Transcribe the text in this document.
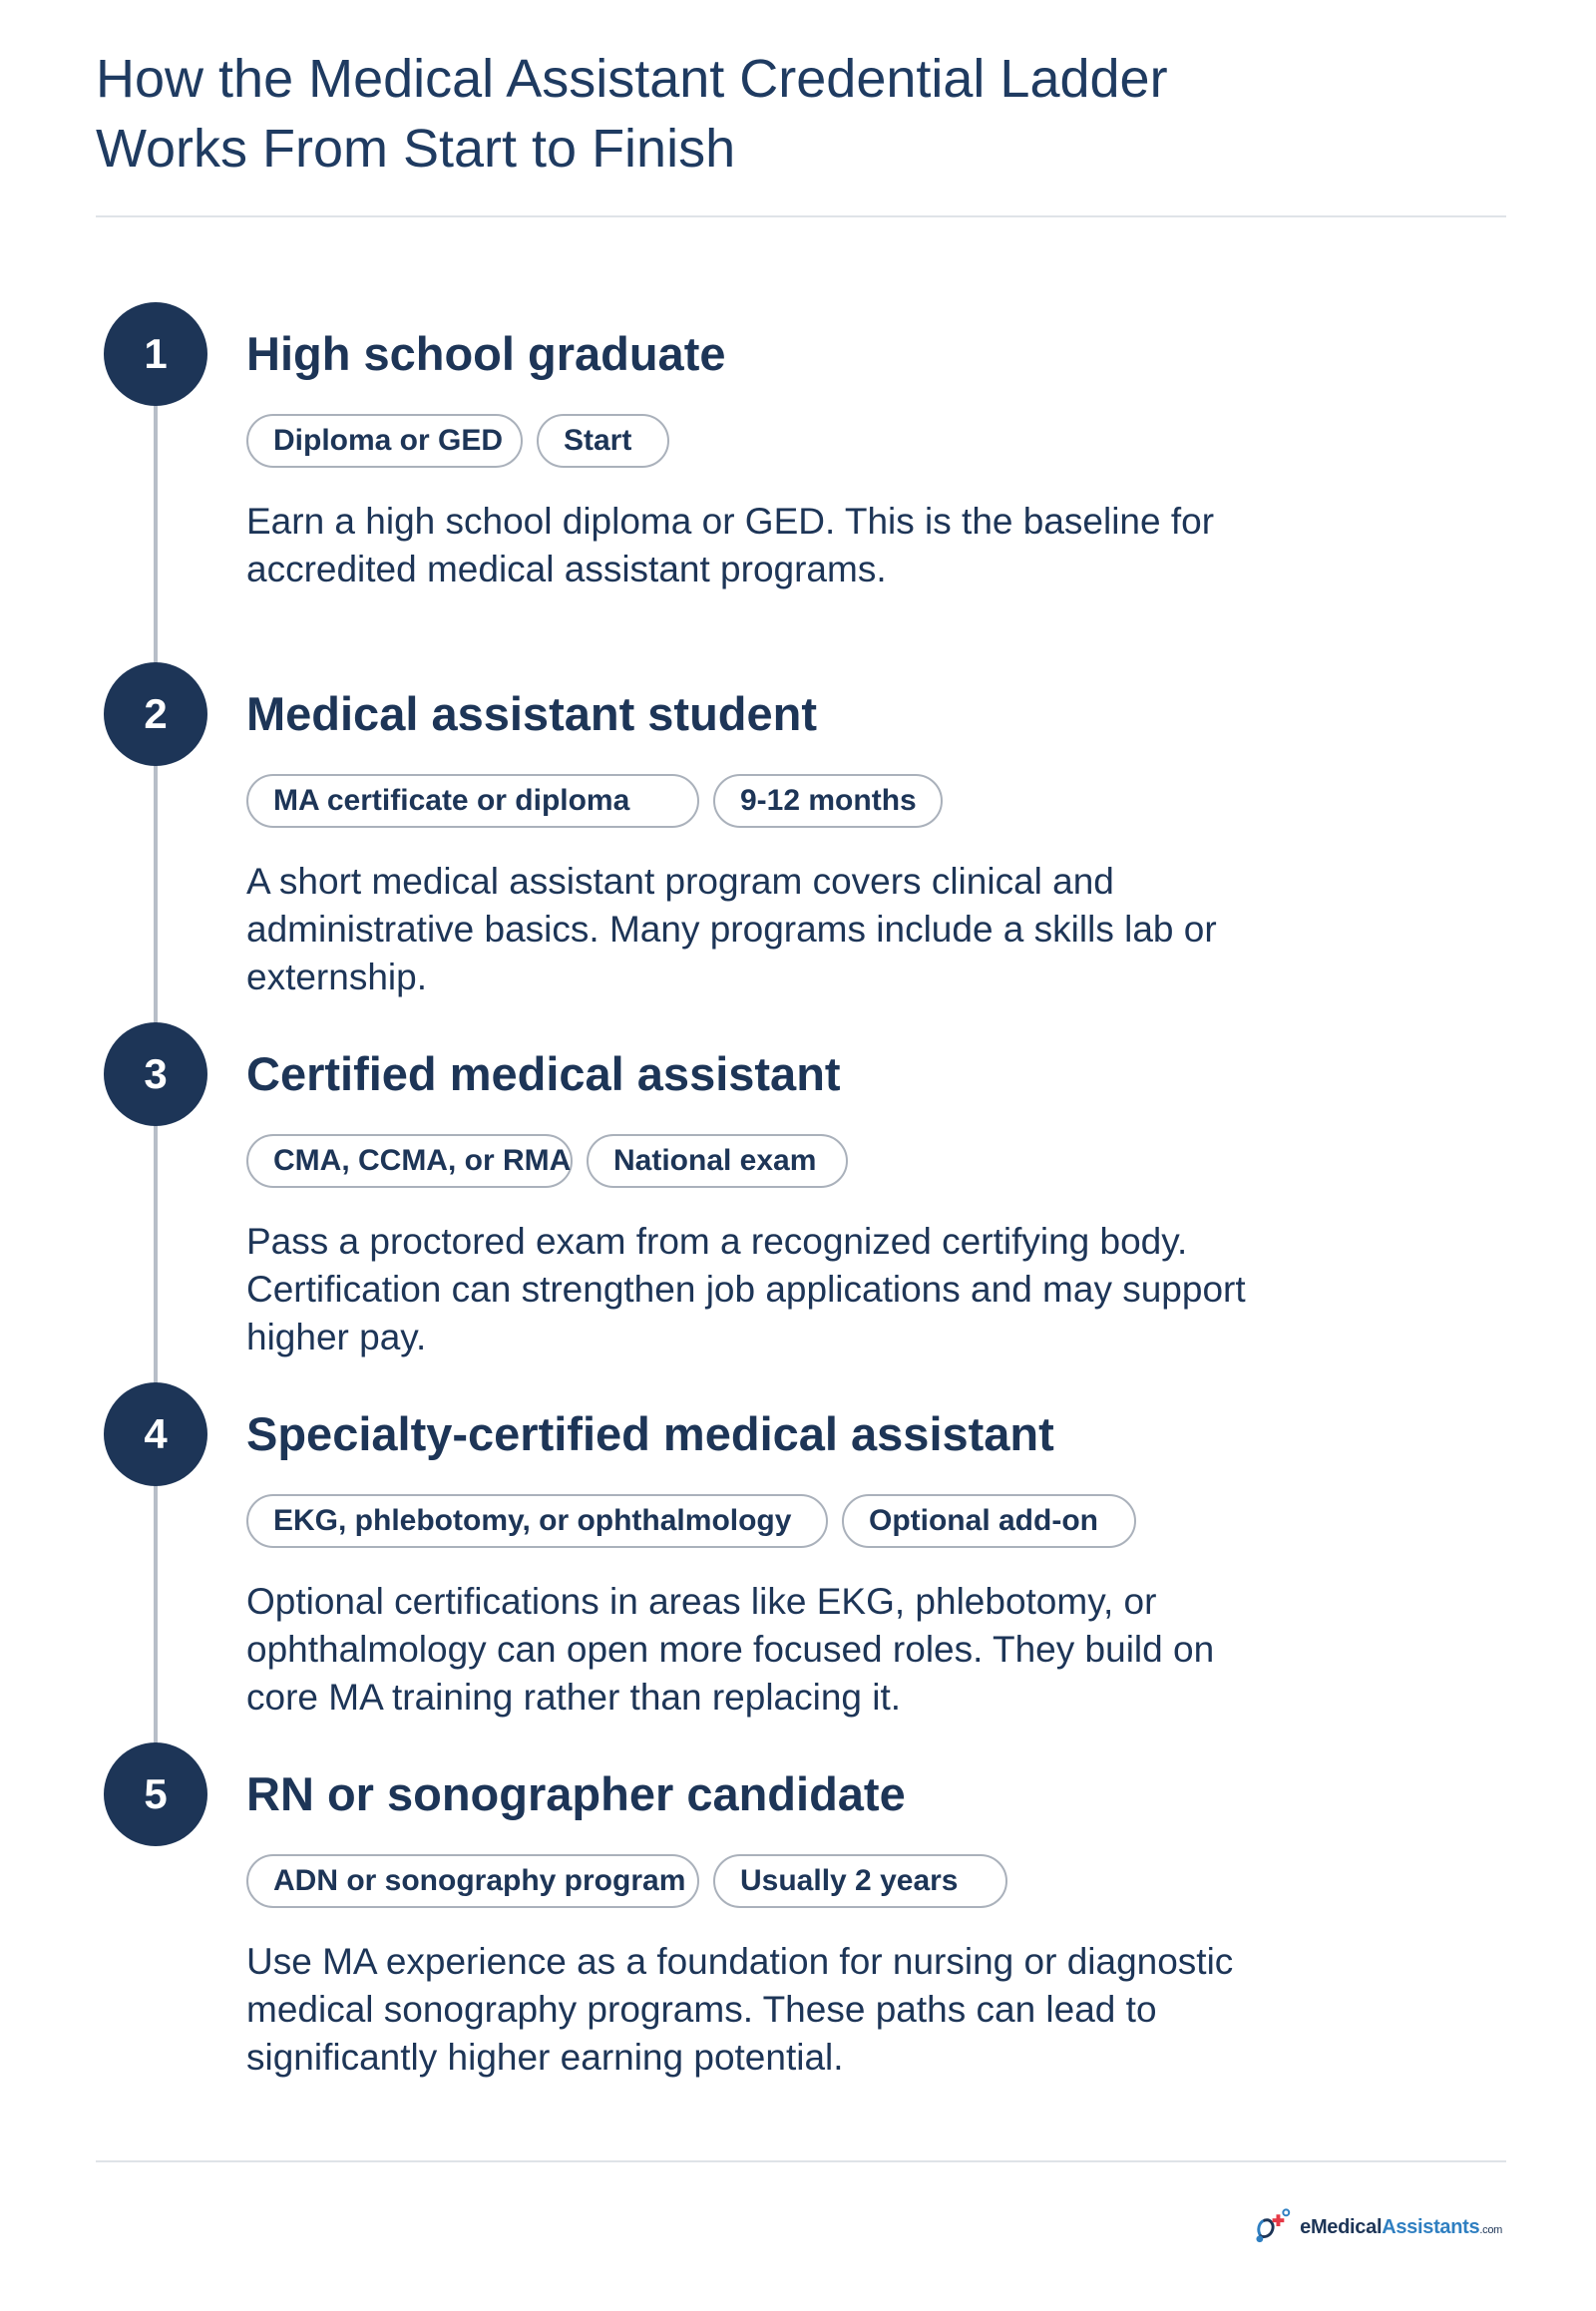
How the Medical Assistant Credential Ladder
Works From Start to Finish
1	High school graduate
Diploma or GED	Start

Earn a high school diploma or GED. This is the baseline for accredited medical assistant programs.

2	Medical assistant student
MA certificate or diploma	9-12 months

A short medical assistant program covers clinical and administrative basics. Many programs include a skills lab or externship.

3	Certified medical assistant
CMA, CCMA, or RMA	National exam

Pass a proctored exam from a recognized certifying body. Certification can strengthen job applications and may support higher pay.

4	Specialty-certified medical assistant
EKG, phlebotomy, or ophthalmology	Optional add-on

Optional certifications in areas like EKG, phlebotomy, or ophthalmology can open more focused roles. They build on core MA training rather than replacing it.

5	RN or sonographer candidate
ADN or sonography program	Usually 2 years

Use MA experience as a foundation for nursing or diagnostic medical sonography programs. These paths can lead to significantly higher earning potential.

eMedicalAssistants.com
